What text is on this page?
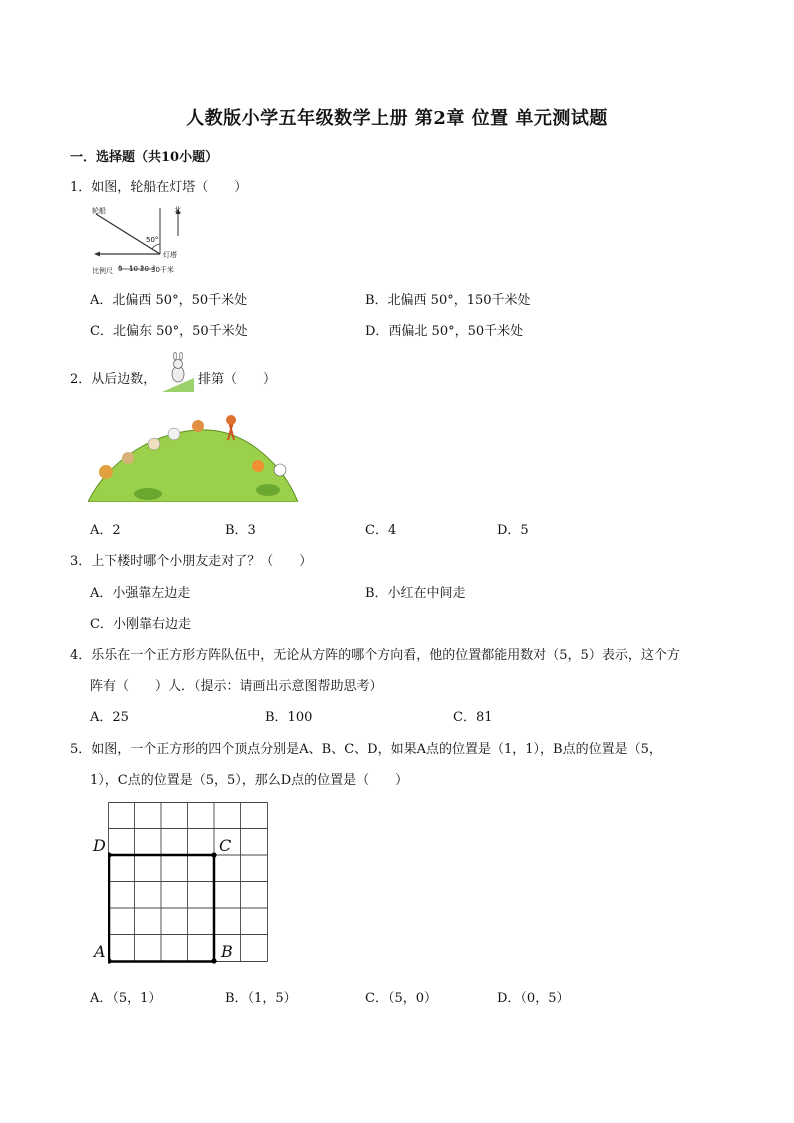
人教版小学五年级数学上册 第2章 位置 单元测试题
一．选择题（共10小题）
1．如图，轮船在灯塔（　　）
轮船	北
50°
灯塔
比例尺 0 10 20 30千米
A．北偏西 50°，50千米处	B．北偏西 50°，150千米处
C．北偏东 50°，50千米处	D．西偏北 50°，50千米处
2．从后边数，	排第（　　）
A．2	B．3	C．4	D．5
3．上下楼时哪个小朋友走对了？（　　）
A．小强靠左边走	B．小红在中间走
C．小刚靠右边走
4．乐乐在一个正方形方阵队伍中，无论从方阵的哪个方向看，他的位置都能用数对（5，5）表示，这个方
阵有（　　）人．（提示：请画出示意图帮助思考）
A．25	B．100	C．81
5．如图，一个正方形的四个顶点分别是A、B、C、D，如果A点的位置是（1，1），B点的位置是（5，
1），C点的位置是（5，5），那么D点的位置是（　　）
D	C
A	B
A．（5，1）	B．（1，5）	C．（5，0）	D．（0，5）
